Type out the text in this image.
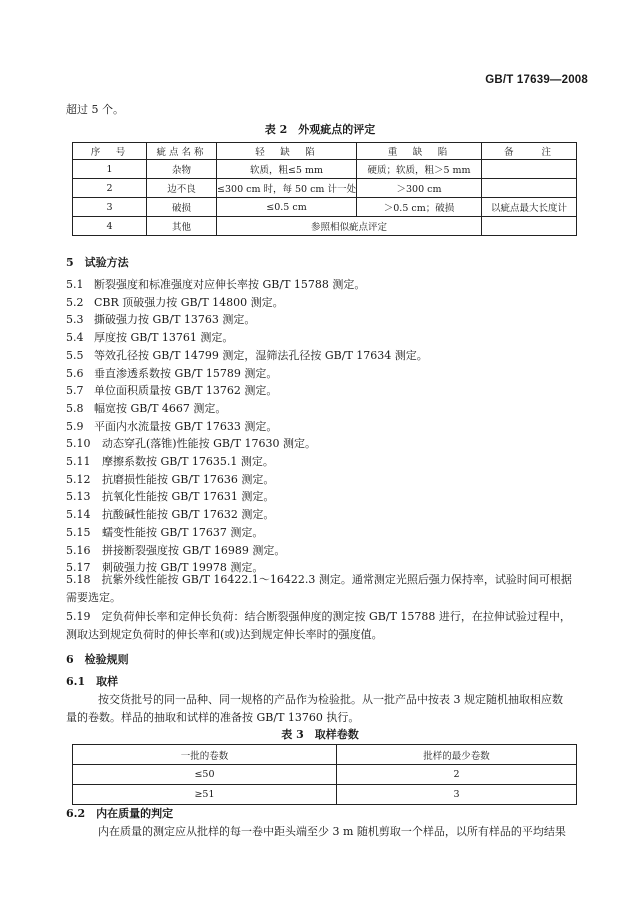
GB/T 17639—2008
超过 5 个。
表 2　外观疵点的评定
序　号	疵点名称	轻　缺　陷	重　缺　陷	备　　注
1	杂物	软质，粗≤5 mm	硬质；软质，粗＞5 mm	
2	边不良	≤300 cm 时，每 50 cm 计一处	＞300 cm	
3	破损	≤0.5 cm	＞0.5 cm；破损	以疵点最大长度计
4	其他	参照相似疵点评定		
5　试验方法
5.1 断裂强度和标准强度对应伸长率按 GB/T 15788 测定。
5.2 CBR 顶破强力按 GB/T 14800 测定。
5.3 撕破强力按 GB/T 13763 测定。
5.4 厚度按 GB/T 13761 测定。
5.5 等效孔径按 GB/T 14799 测定，湿筛法孔径按 GB/T 17634 测定。
5.6 垂直渗透系数按 GB/T 15789 测定。
5.7 单位面积质量按 GB/T 13762 测定。
5.8 幅宽按 GB/T 4667 测定。
5.9 平面内水流量按 GB/T 17633 测定。
5.10 动态穿孔(落锥)性能按 GB/T 17630 测定。
5.11 摩擦系数按 GB/T 17635.1 测定。
5.12 抗磨损性能按 GB/T 17636 测定。
5.13 抗氧化性能按 GB/T 17631 测定。
5.14 抗酸碱性能按 GB/T 17632 测定。
5.15 蠕变性能按 GB/T 17637 测定。
5.16 拼接断裂强度按 GB/T 16989 测定。
5.17 刺破强力按 GB/T 19978 测定。
5.18　抗紫外线性能按 GB/T 16422.1～16422.3 测定。通常测定光照后强力保持率，试验时间可根据
需要选定。
5.19　定负荷伸长率和定伸长负荷：结合断裂强伸度的测定按 GB/T 15788 进行，在拉伸试验过程中，
测取达到规定负荷时的伸长率和(或)达到规定伸长率时的强度值。
6　检验规则
6.1　取样
按交货批号的同一品种、同一规格的产品作为检验批。从一批产品中按表 3 规定随机抽取相应数
量的卷数。样品的抽取和试样的准备按 GB/T 13760 执行。
表 3　取样卷数
一批的卷数	批样的最少卷数
≤50	2
≥51	3
6.2　内在质量的判定
内在质量的测定应从批样的每一卷中距头端至少 3 m 随机剪取一个样品，以所有样品的平均结果
